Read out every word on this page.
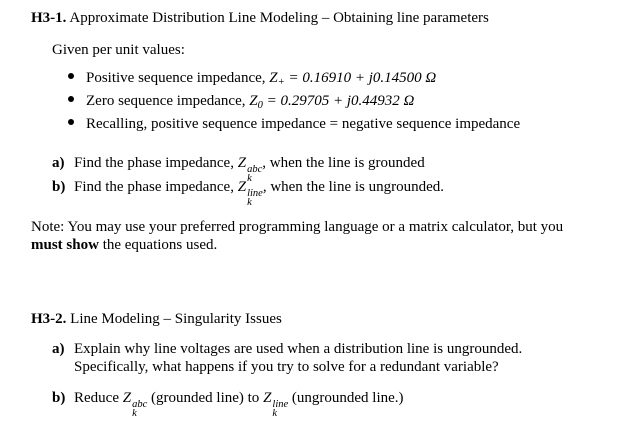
H3-1. Approximate Distribution Line Modeling – Obtaining line parameters
Given per unit values:
Positive sequence impedance, $Z_+ = 0.16910 + j0.14500$ Ω
Zero sequence impedance, $Z_0 = 0.29705 + j0.44932$ Ω
Recalling, positive sequence impedance = negative sequence impedance
a) Find the phase impedance, Z abc
k
, when the line is grounded
b) Find the phase impedance, Z line
k
, when the line is ungrounded.
Note: You may use your preferred programming language or a matrix calculator, but you
must show the equations used.
H3-2. Line Modeling – Singularity Issues
a) Explain why line voltages are used when a distribution line is ungrounded.
Specifically, what happens if you try to solve for a redundant variable?
b) Reduce Z abc
k
(grounded line) to Z line
k
(ungrounded line.)
